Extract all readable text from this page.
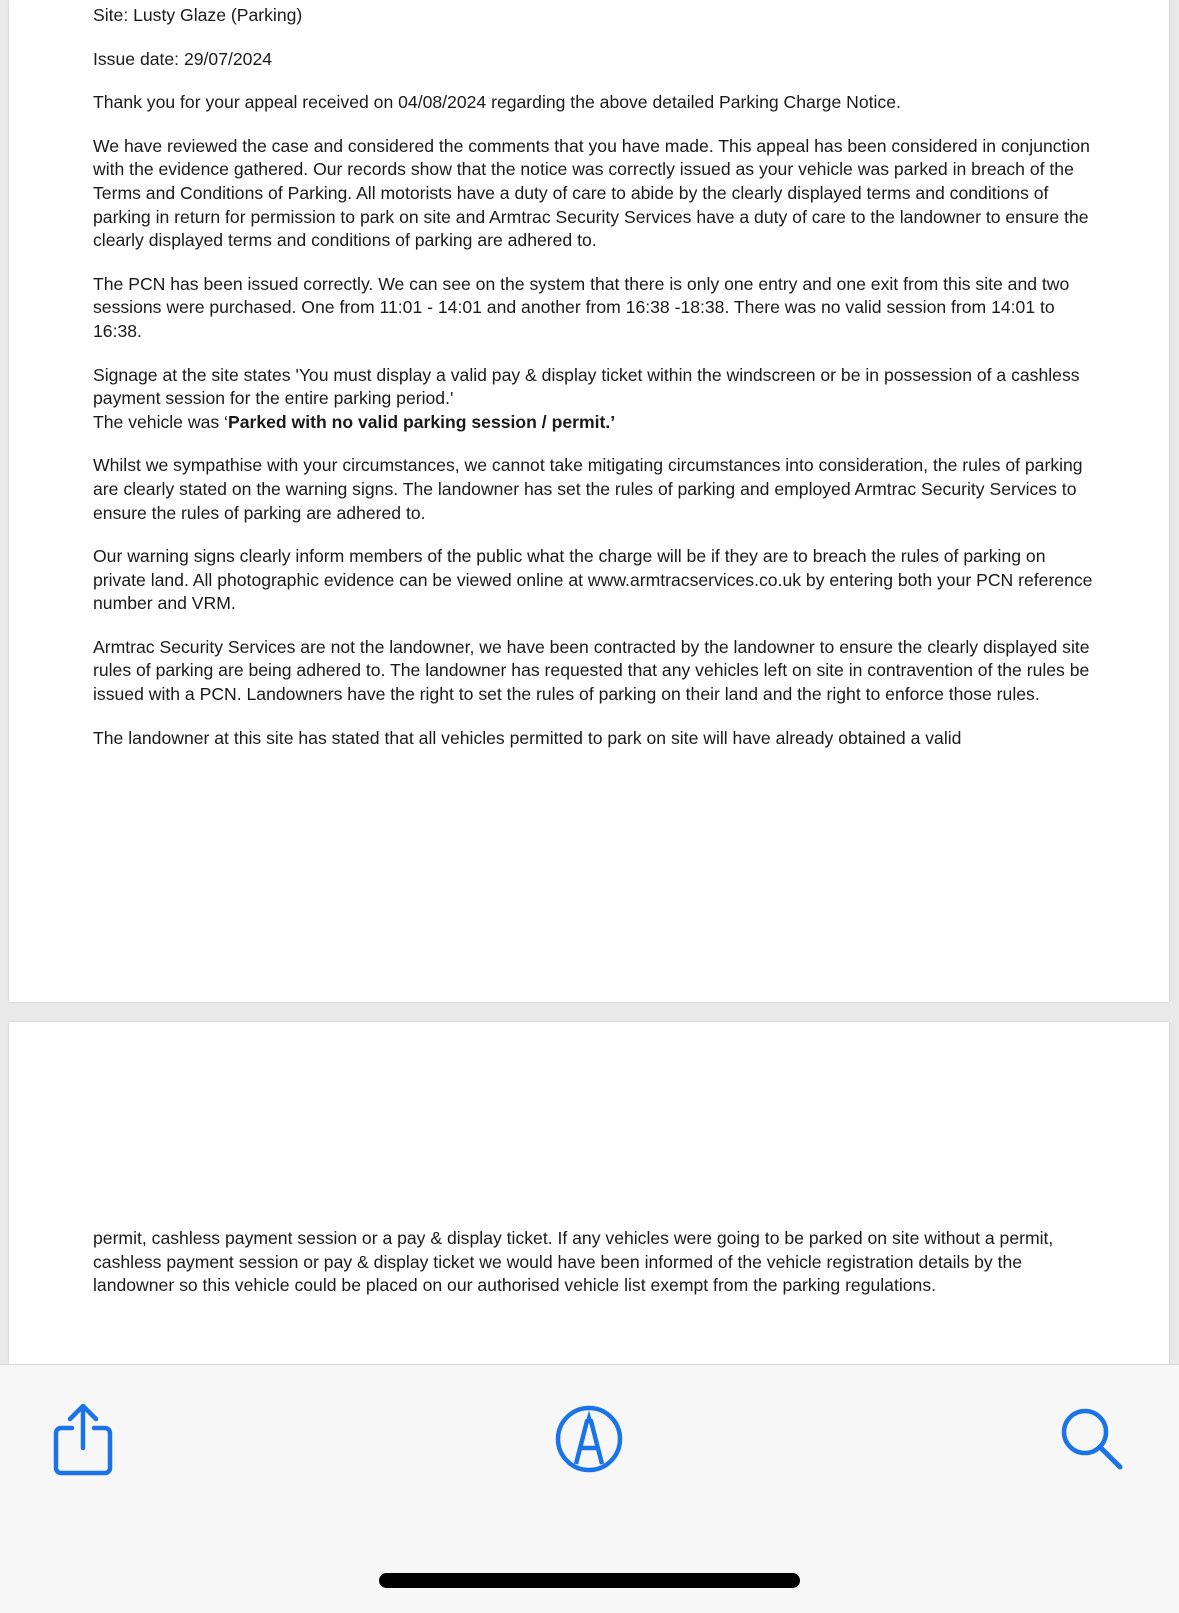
Site: Lusty Glaze (Parking)

Issue date: 29/07/2024

Thank you for your appeal received on 04/08/2024 regarding the above detailed Parking Charge Notice.

We have reviewed the case and considered the comments that you have made. This appeal has been considered in conjunction with the evidence gathered. Our records show that the notice was correctly issued as your vehicle was parked in breach of the Terms and Conditions of Parking. All motorists have a duty of care to abide by the clearly displayed terms and conditions of parking in return for permission to park on site and Armtrac Security Services have a duty of care to the landowner to ensure the clearly displayed terms and conditions of parking are adhered to.

The PCN has been issued correctly. We can see on the system that there is only one entry and one exit from this site and two sessions were purchased. One from 11:01 - 14:01 and another from 16:38 -18:38. There was no valid session from 14:01 to 16:38.

Signage at the site states 'You must display a valid pay & display ticket within the windscreen or be in possession of a cashless payment session for the entire parking period.'
The vehicle was ‘Parked with no valid parking session / permit.’

Whilst we sympathise with your circumstances, we cannot take mitigating circumstances into consideration, the rules of parking are clearly stated on the warning signs. The landowner has set the rules of parking and employed Armtrac Security Services to ensure the rules of parking are adhered to.

Our warning signs clearly inform members of the public what the charge will be if they are to breach the rules of parking on private land. All photographic evidence can be viewed online at www.armtracservices.co.uk by entering both your PCN reference number and VRM.

Armtrac Security Services are not the landowner, we have been contracted by the landowner to ensure the clearly displayed site rules of parking are being adhered to. The landowner has requested that any vehicles left on site in contravention of the rules be issued with a PCN. Landowners have the right to set the rules of parking on their land and the right to enforce those rules.

The landowner at this site has stated that all vehicles permitted to park on site will have already obtained a valid

permit, cashless payment session or a pay & display ticket. If any vehicles were going to be parked on site without a permit, cashless payment session or pay & display ticket we would have been informed of the vehicle registration details by the landowner so this vehicle could be placed on our authorised vehicle list exempt from the parking regulations.
